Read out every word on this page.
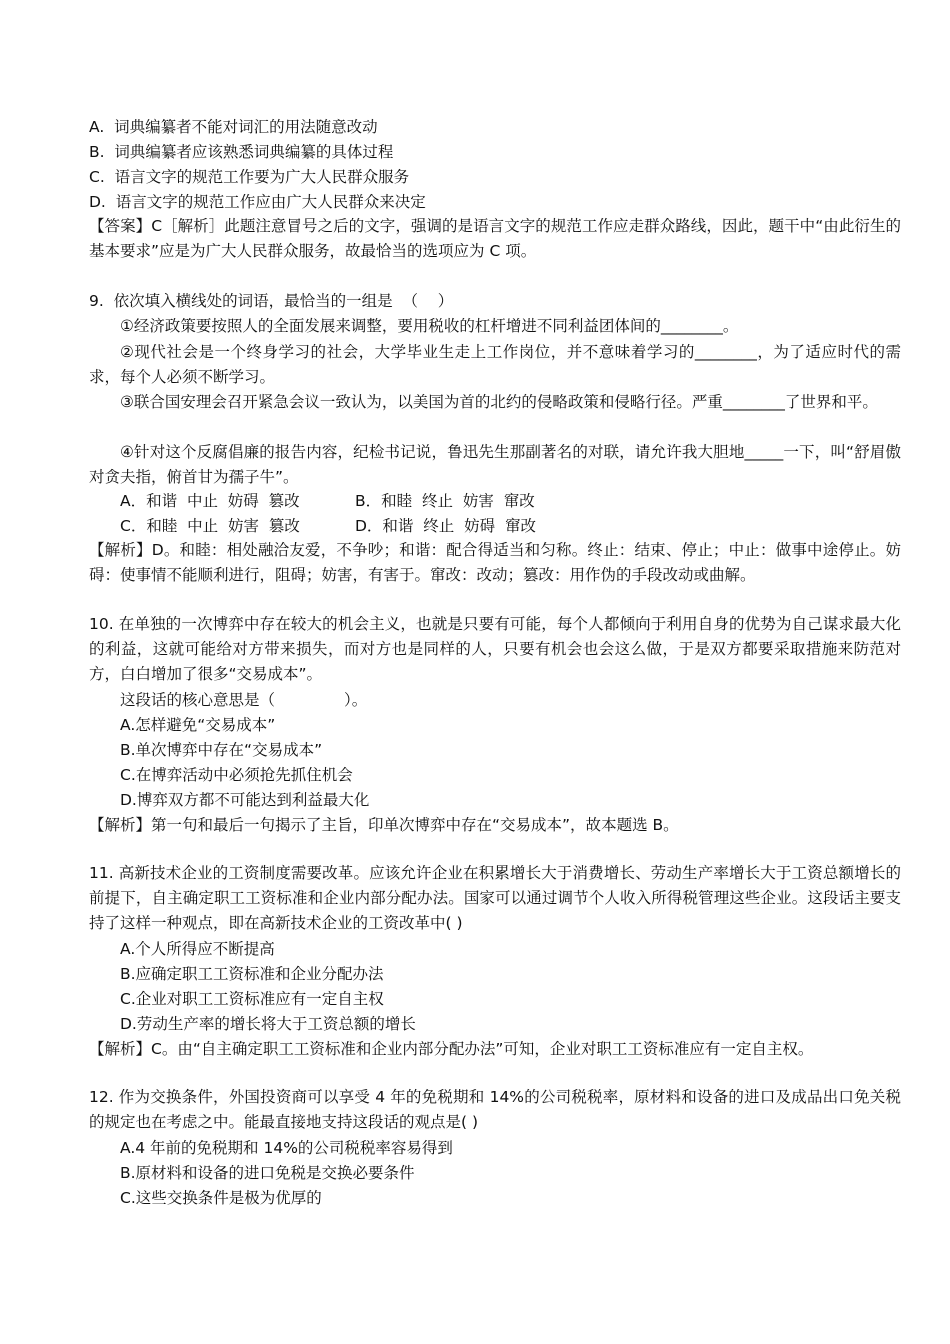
A.  词典编纂者不能对词汇的用法随意改动
B.  词典编纂者应该熟悉词典编纂的具体过程
C.  语言文字的规范工作要为广大人民群众服务
D.  语言文字的规范工作应由广大人民群众来决定
【答案】C［解析］此题注意冒号之后的文字，强调的是语言文字的规范工作应走群众路线，因此，题干中“由此衍生的基本要求”应是为广大人民群众服务，故最恰当的选项应为 C 项。
9.  依次填入横线处的词语，最恰当的一组是  （    ）
①经济政策要按照人的全面发展来调整，要用税收的杠杆增进不同利益团体间的________。
②现代社会是一个终身学习的社会，大学毕业生走上工作岗位，并不意味着学习的________，为了适应时代的需求，每个人必须不断学习。
③联合国安理会召开紧急会议一致认为，以美国为首的北约的侵略政策和侵略行径。严重________了世界和平。
④针对这个反腐倡廉的报告内容，纪检书记说，鲁迅先生那副著名的对联，请允许我大胆地_____一下，叫“舒眉傲对贪夫指，俯首甘为孺子牛”。
A．和谐  中止  妨碍  篡改	B．和睦  终止  妨害  窜改
C．和睦  中止  妨害  篡改	D．和谐  终止  妨碍  窜改
【解析】D。和睦：相处融洽友爱，不争吵；和谐：配合得适当和匀称。终止：结束、停止；中止：做事中途停止。妨碍：使事情不能顺利进行，阻碍；妨害，有害于。窜改：改动；篡改：用作伪的手段改动或曲解。
10. 在单独的一次博弈中存在较大的机会主义，也就是只要有可能，每个人都倾向于利用自身的优势为自己谋求最大化的利益，这就可能给对方带来损失，而对方也是同样的人，只要有机会也会这么做，于是双方都要采取措施来防范对方，白白增加了很多“交易成本”。
这段话的核心意思是（              ）。
A.怎样避免“交易成本”
B.单次博弈中存在“交易成本”
C.在博弈活动中必须抢先抓住机会
D.博弈双方都不可能达到利益最大化
【解析】第一句和最后一句揭示了主旨，印单次博弈中存在“交易成本”，故本题选 B。
11. 高新技术企业的工资制度需要改革。应该允许企业在积累增长大于消费增长、劳动生产率增长大于工资总额增长的前提下，自主确定职工工资标准和企业内部分配办法。国家可以通过调节个人收入所得税管理这些企业。这段话主要支持了这样一种观点，即在高新技术企业的工资改革中( )
A.个人所得应不断提高
B.应确定职工工资标准和企业分配办法
C.企业对职工工资标准应有一定自主权
D.劳动生产率的增长将大于工资总额的增长
【解析】C。由“自主确定职工工资标准和企业内部分配办法”可知，企业对职工工资标准应有一定自主权。
12. 作为交换条件，外国投资商可以享受 4 年的免税期和 14%的公司税税率，原材料和设备的进口及成品出口免关税的规定也在考虑之中。能最直接地支持这段话的观点是( )
A.4 年前的免税期和 14%的公司税税率容易得到
B.原材料和设备的进口免税是交换必要条件
C.这些交换条件是极为优厚的
